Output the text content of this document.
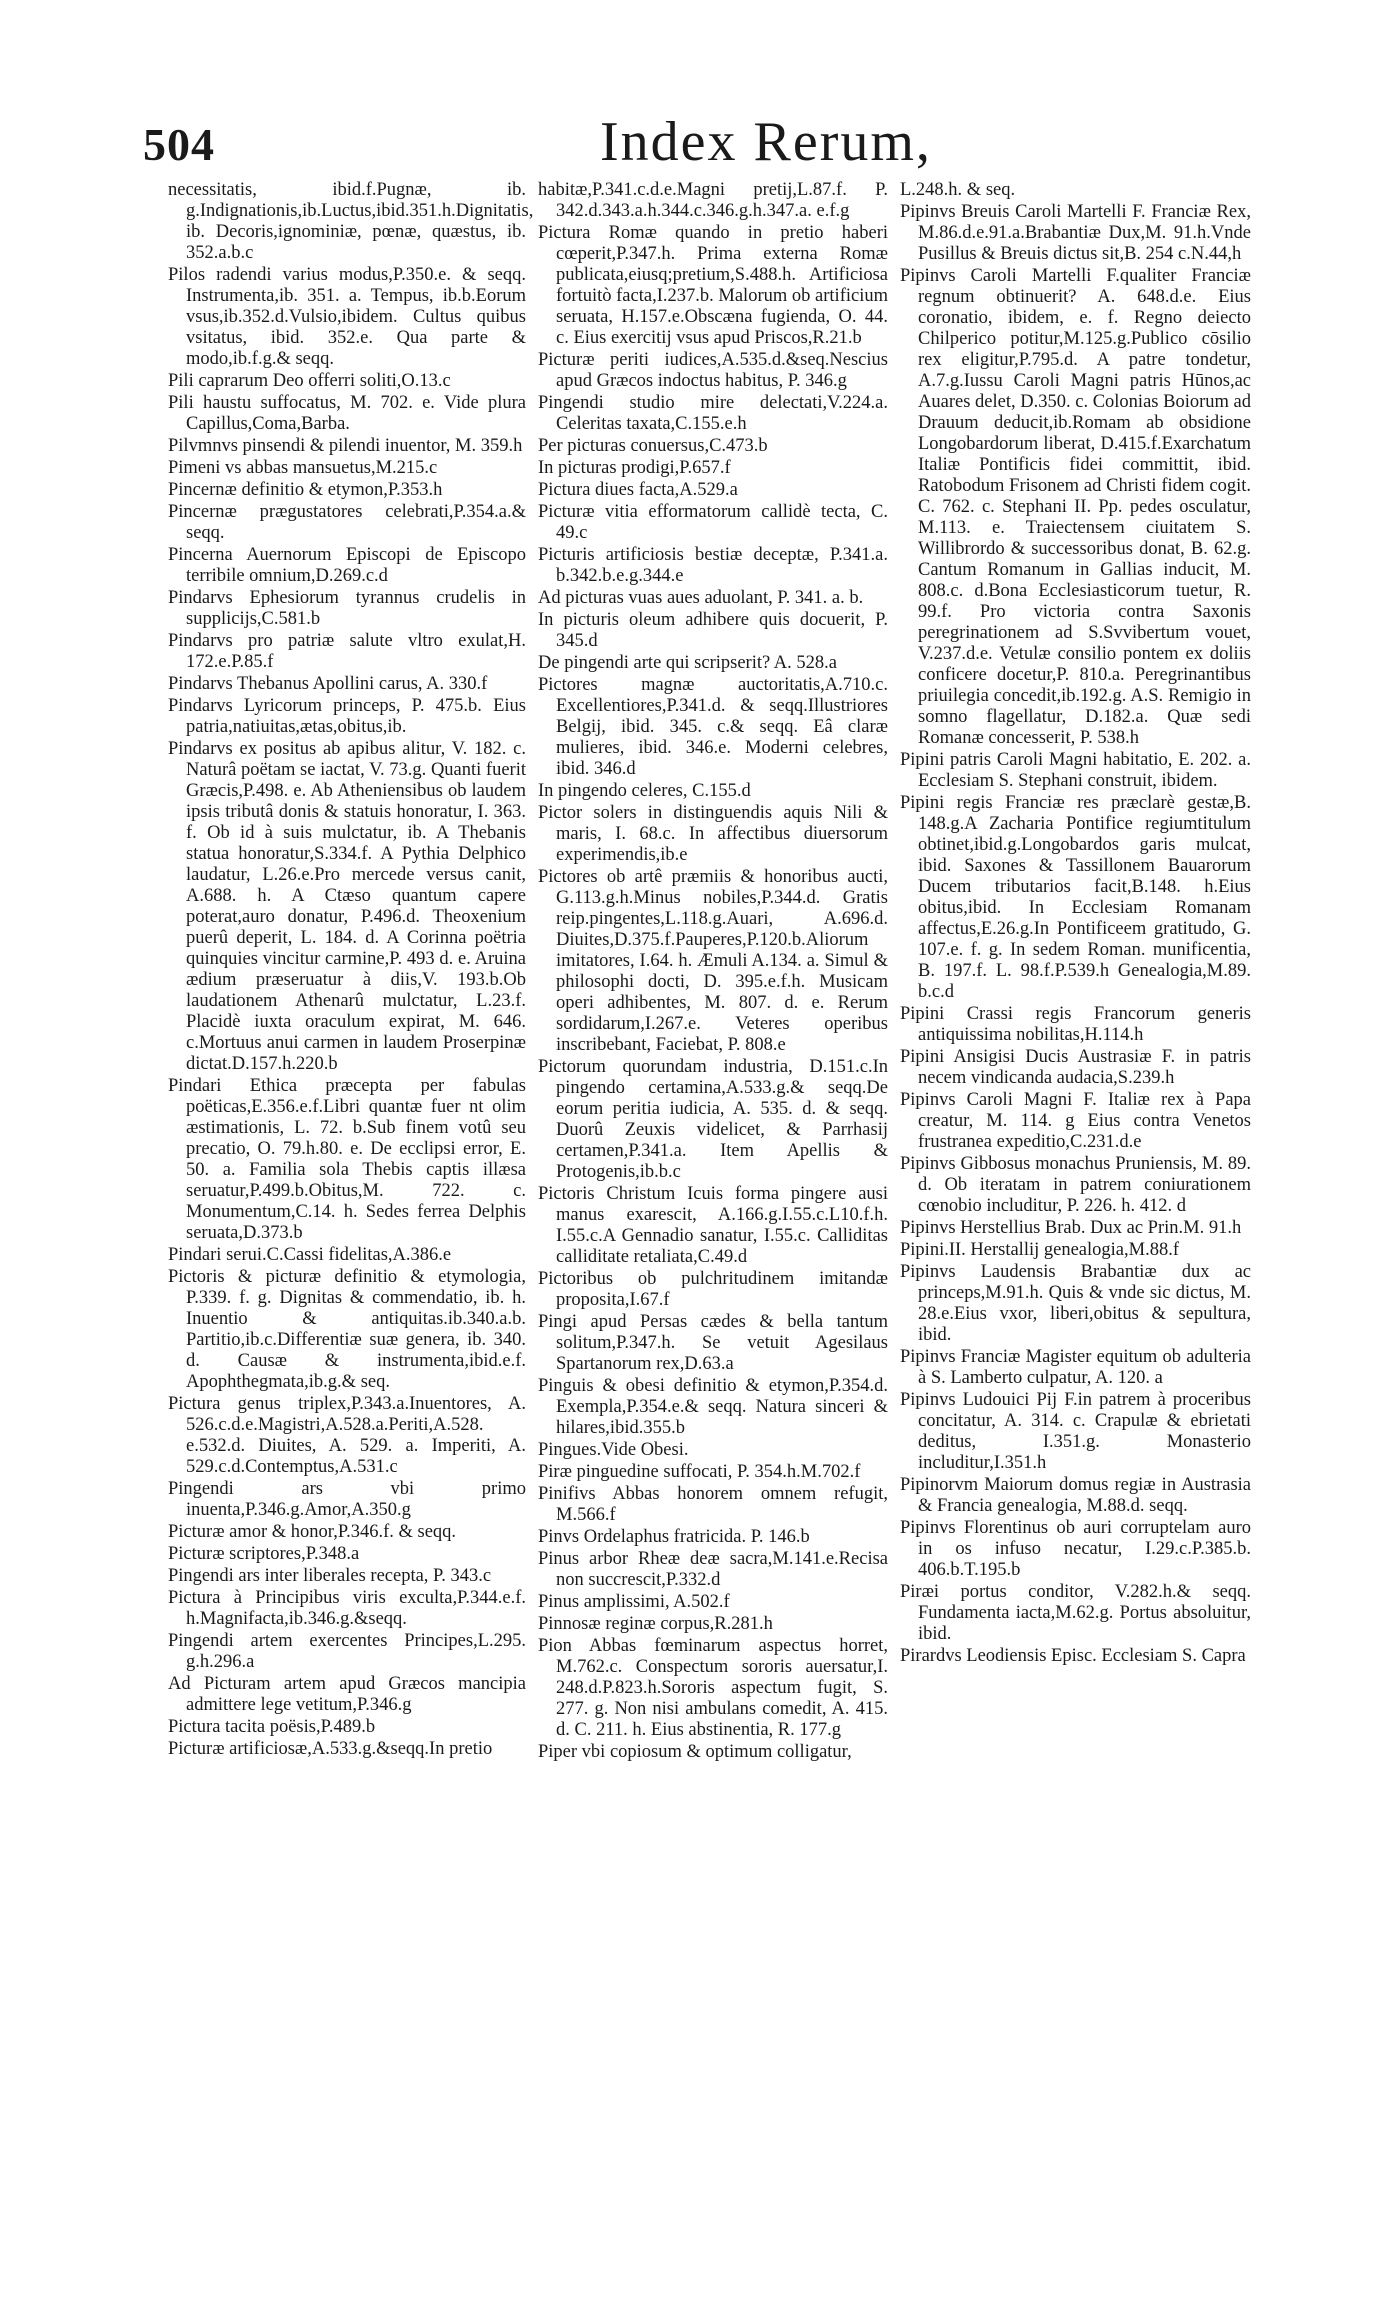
504	Index Rerum,

necessitatis, ibid.f.Pugnæ, ib. g.Indignationis,ib.Luctus,ibid.351.h.Dignitatis, ib. Decoris,ignominiæ, pœnæ, quæstus, ib. 352.a.b.c

Pilos radendi varius modus,P.350.e. & seqq. Instrumenta,ib. 351. a. Tempus, ib.b.Eorum vsus,ib.352.d.Vulsio,ibidem. Cultus quibus vsitatus, ibid. 352.e. Qua parte & modo,ib.f.g.& seqq.

Pili caprarum Deo offerri soliti,O.13.c

Pili haustu suffocatus, M. 702. e. Vide plura Capillus,Coma,Barba.

Pilvmnvs pinsendi & pilendi inuentor, M. 359.h

Pimeni vs abbas mansuetus,M.215.c

Pincernæ definitio & etymon,P.353.h

Pincernæ prægustatores celebrati,P.354.a.& seqq.

Pincerna Auernorum Episcopi de Episcopo terribile omnium,D.269.c.d

Pindarvs Ephesiorum tyrannus crudelis in supplicijs,C.581.b

Pindarvs pro patriæ salute vltro exulat,H. 172.e.P.85.f

Pindarvs Thebanus Apollini carus, A. 330.f

Pindarvs Lyricorum princeps, P. 475.b. Eius patria,natiuitas,ætas,obitus,ib.

Pindarvs ex positus ab apibus alitur, V. 182. c. Naturâ poëtam se iactat, V. 73.g. Quanti fuerit Græcis,P.498. e. Ab Atheniensibus ob laudem ipsis tributâ donis & statuis honoratur, I. 363. f. Ob id à suis mulctatur, ib. A Thebanis statua honoratur,S.334.f. A Pythia Delphico laudatur, L.26.e.Pro mercede versus canit, A.688. h. A Ctæso quantum capere poterat,auro donatur, P.496.d. Theoxenium puerû deperit, L. 184. d. A Corinna poëtria quinquies vincitur carmine,P. 493 d. e. Aruina ædium præseruatur à diis,V. 193.b.Ob laudationem Athenarû mulctatur, L.23.f. Placidè iuxta oraculum expirat, M. 646. c.Mortuus anui carmen in laudem Proserpinæ dictat.D.157.h.220.b

Pindari Ethica præcepta per fabulas poëticas,E.356.e.f.Libri quantæ fuer nt olim æstimationis, L. 72. b.Sub finem votû seu precatio, O. 79.h.80. e. De ecclipsi error, E. 50. a. Familia sola Thebis captis illæsa seruatur,P.499.b.Obitus,M. 722. c. Monumentum,C.14. h. Sedes ferrea Delphis seruata,D.373.b

Pindari serui.C.Cassi fidelitas,A.386.e

Pictoris & picturæ definitio & etymologia, P.339. f. g. Dignitas & commendatio, ib. h. Inuentio & antiquitas.ib.340.a.b. Partitio,ib.c.Differentiæ suæ genera, ib. 340. d. Causæ & instrumenta,ibid.e.f. Apophthegmata,ib.g.& seq.

Pictura genus triplex,P.343.a.Inuentores, A. 526.c.d.e.Magistri,A.528.a.Periti,A.528. e.532.d. Diuites, A. 529. a. Imperiti, A. 529.c.d.Contemptus,A.531.c

Pingendi ars vbi primo inuenta,P.346.g.Amor,A.350.g

Picturæ amor & honor,P.346.f. & seqq.

Picturæ scriptores,P.348.a

Pingendi ars inter liberales recepta, P. 343.c

Pictura à Principibus viris exculta,P.344.e.f. h.Magnifacta,ib.346.g.&seqq.

Pingendi artem exercentes Principes,L.295. g.h.296.a

Ad Picturam artem apud Græcos mancipia admittere lege vetitum,P.346.g

Pictura tacita poësis,P.489.b

Picturæ artificiosæ,A.533.g.&seqq.In pretio

habitæ,P.341.c.d.e.Magni pretij,L.87.f. P. 342.d.343.a.h.344.c.346.g.h.347.a. e.f.g

Pictura Romæ quando in pretio haberi cœperit,P.347.h. Prima externa Romæ publicata,eiusq;pretium,S.488.h. Artificiosa fortuitò facta,I.237.b. Malorum ob artificium seruata, H.157.e.Obscæna fugienda, O. 44. c. Eius exercitij vsus apud Priscos,R.21.b

Picturæ periti iudices,A.535.d.&seq.Nescius apud Græcos indoctus habitus, P. 346.g

Pingendi studio mire delectati,V.224.a. Celeritas taxata,C.155.e.h

Per picturas conuersus,C.473.b

In picturas prodigi,P.657.f

Pictura diues facta,A.529.a

Picturæ vitia efformatorum callidè tecta, C. 49.c

Picturis artificiosis bestiæ deceptæ, P.341.a. b.342.b.e.g.344.e

Ad picturas vuas aues aduolant, P. 341. a. b.

In picturis oleum adhibere quis docuerit, P. 345.d

De pingendi arte qui scripserit? A. 528.a

Pictores magnæ auctoritatis,A.710.c. Excellentiores,P.341.d. & seqq.Illustriores Belgij, ibid. 345. c.& seqq. Eâ claræ mulieres, ibid. 346.e. Moderni celebres, ibid. 346.d

In pingendo celeres, C.155.d

Pictor solers in distinguendis aquis Nili & maris, I. 68.c. In affectibus diuersorum experimendis,ib.e

Pictores ob artê præmiis & honoribus aucti, G.113.g.h.Minus nobiles,P.344.d. Gratis reip.pingentes,L.118.g.Auari, A.696.d. Diuites,D.375.f.Pauperes,P.120.b.Aliorum imitatores, I.64. h. Æmuli A.134. a. Simul & philosophi docti, D. 395.e.f.h. Musicam operi adhibentes, M. 807. d. e. Rerum sordidarum,I.267.e. Veteres operibus inscribebant, Faciebat, P. 808.e

Pictorum quorundam industria, D.151.c.In pingendo certamina,A.533.g.& seqq.De eorum peritia iudicia, A. 535. d. & seqq. Duorû Zeuxis videlicet, & Parrhasij certamen,P.341.a. Item Apellis & Protogenis,ib.b.c

Pictoris Christum Icuis forma pingere ausi manus exarescit, A.166.g.I.55.c.L10.f.h. I.55.c.A Gennadio sanatur, I.55.c. Calliditas calliditate retaliata,C.49.d

Pictoribus ob pulchritudinem imitandæ proposita,I.67.f

Pingi apud Persas cædes & bella tantum solitum,P.347.h. Se vetuit Agesilaus Spartanorum rex,D.63.a

Pinguis & obesi definitio & etymon,P.354.d. Exempla,P.354.e.& seqq. Natura sinceri & hilares,ibid.355.b

Pingues.Vide Obesi.

Piræ pinguedine suffocati, P. 354.h.M.702.f

Pinifivs Abbas honorem omnem refugit, M.566.f

Pinvs Ordelaphus fratricida. P. 146.b

Pinus arbor Rheæ deæ sacra,M.141.e.Recisa non succrescit,P.332.d

Pinus amplissimi, A.502.f

Pinnosæ reginæ corpus,R.281.h

Pion Abbas fœminarum aspectus horret, M.762.c. Conspectum sororis auersatur,I. 248.d.P.823.h.Sororis aspectum fugit, S. 277. g. Non nisi ambulans comedit, A. 415. d. C. 211. h. Eius abstinentia, R. 177.g

Piper vbi copiosum & optimum colligatur,

L.248.h. & seq.

Pipinvs Breuis Caroli Martelli F. Franciæ Rex, M.86.d.e.91.a.Brabantiæ Dux,M. 91.h.Vnde Pusillus & Breuis dictus sit,B. 254 c.N.44,h

Pipinvs Caroli Martelli F.qualiter Franciæ regnum obtinuerit? A. 648.d.e. Eius coronatio, ibidem, e. f. Regno deiecto Chilperico potitur,M.125.g.Publico cōsilio rex eligitur,P.795.d. A patre tondetur, A.7.g.Iussu Caroli Magni patris Hūnos,ac Auares delet, D.350. c. Colonias Boiorum ad Drauum deducit,ib.Romam ab obsidione Longobardorum liberat, D.415.f.Exarchatum Italiæ Pontificis fidei committit, ibid. Ratobodum Frisonem ad Christi fidem cogit. C. 762. c. Stephani II. Pp. pedes osculatur, M.113. e. Traiectensem ciuitatem S. Willibrordo & successoribus donat, B. 62.g. Cantum Romanum in Gallias inducit, M. 808.c. d.Bona Ecclesiasticorum tuetur, R. 99.f. Pro victoria contra Saxonis peregrinationem ad S.Svvibertum vouet, V.237.d.e. Vetulæ consilio pontem ex doliis conficere docetur,P. 810.a. Peregrinantibus priuilegia concedit,ib.192.g. A.S. Remigio in somno flagellatur, D.182.a. Quæ sedi Romanæ concesserit, P. 538.h

Pipini patris Caroli Magni habitatio, E. 202. a. Ecclesiam S. Stephani construit, ibidem.

Pipini regis Franciæ res præclarè gestæ,B. 148.g.A Zacharia Pontifice regiumtitulum obtinet,ibid.g.Longobardos garis mulcat, ibid. Saxones & Tassillonem Bauarorum Ducem tributarios facit,B.148. h.Eius obitus,ibid. In Ecclesiam Romanam affectus,E.26.g.In Pontificeem gratitudo, G. 107.e. f. g. In sedem Roman. munificentia, B. 197.f. L. 98.f.P.539.h Genealogia,M.89. b.c.d

Pipini Crassi regis Francorum generis antiquissima nobilitas,H.114.h

Pipini Ansigisi Ducis Austrasiæ F. in patris necem vindicanda audacia,S.239.h

Pipinvs Caroli Magni F. Italiæ rex à Papa creatur, M. 114. g Eius contra Venetos frustranea expeditio,C.231.d.e

Pipinvs Gibbosus monachus Pruniensis, M. 89. d. Ob iteratam in patrem coniurationem cœnobio includitur, P. 226. h. 412. d

Pipinvs Herstellius Brab. Dux ac Prin.M. 91.h

Pipini.II. Herstallij genealogia,M.88.f

Pipinvs Laudensis Brabantiæ dux ac princeps,M.91.h. Quis & vnde sic dictus, M. 28.e.Eius vxor, liberi,obitus & sepultura, ibid.

Pipinvs Franciæ Magister equitum ob adulteria à S. Lamberto culpatur, A. 120. a

Pipinvs Ludouici Pij F.in patrem à proceribus concitatur, A. 314. c. Crapulæ & ebrietati deditus, I.351.g. Monasterio includitur,I.351.h

Pipinorvm Maiorum domus regiæ in Austrasia & Francia genealogia, M.88.d. seqq.

Pipinvs Florentinus ob auri corruptelam auro in os infuso necatur, I.29.c.P.385.b. 406.b.T.195.b

Piræi portus conditor, V.282.h.& seqq. Fundamenta iacta,M.62.g. Portus absoluitur, ibid.

Pirardvs Leodiensis Episc. Ecclesiam S. Capra
